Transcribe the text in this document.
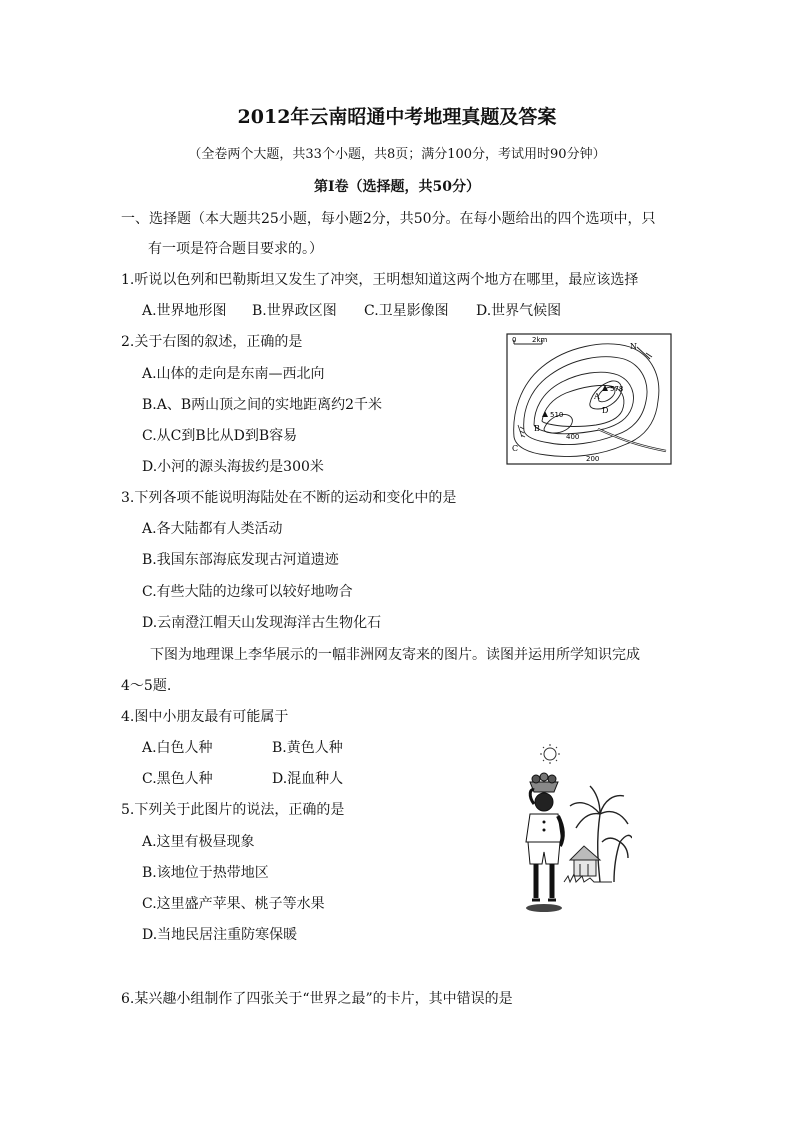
2012年云南昭通中考地理真题及答案
（全卷两个大题，共33个小题，共8页；满分100分，考试用时90分钟）
第Ⅰ卷（选择题，共50分）
一、选择题（本大题共25小题，每小题2分，共50分。在每小题给出的四个选项中，只
有一项是符合题目要求的。）
1.听说以色列和巴勒斯坦又发生了冲突，王明想知道这两个地方在哪里，最应该选择
A.世界地形图 B.世界政区图 C.卫星影像图 D.世界气候图
2.关于右图的叙述，正确的是
A.山体的走向是东南—西北向
B.A、B两山顶之间的实地距离约2千米
C.从C到B比从D到B容易
D.小河的源头海拔约是300米
0 2km
N
578
A
510
B
D
C
400
200
3.下列各项不能说明海陆处在不断的运动和变化中的是
A.各大陆都有人类活动
B.我国东部海底发现古河道遗迹
C.有些大陆的边缘可以较好地吻合
D.云南澄江帽天山发现海洋古生物化石
下图为地理课上李华展示的一幅非洲网友寄来的图片。读图并运用所学知识完成
4～5题.
4.图中小朋友最有可能属于
A.白色人种	B.黄色人种
C.黑色人种	D.混血种人
5.下列关于此图片的说法，正确的是
A.这里有极昼现象
B.该地位于热带地区
C.这里盛产苹果、桃子等水果
D.当地民居注重防寒保暖
6.某兴趣小组制作了四张关于“世界之最”的卡片，其中错误的是
